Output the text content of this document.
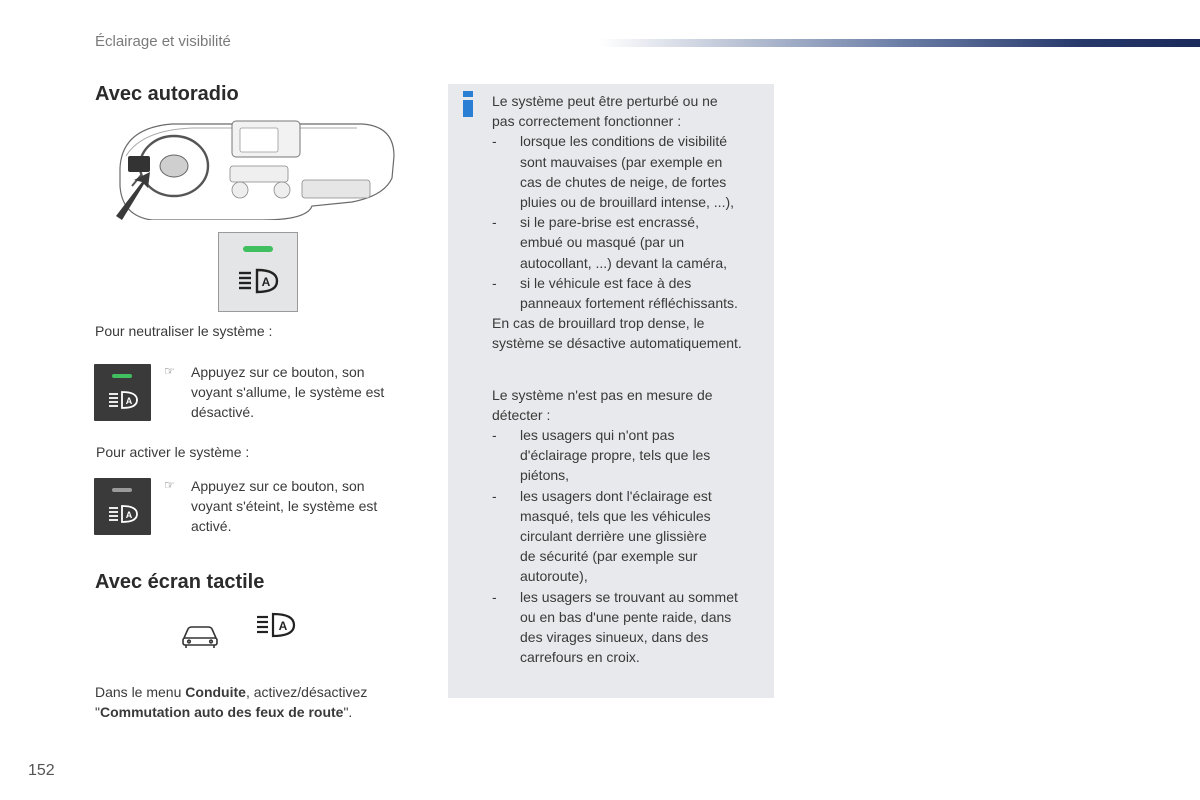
Éclairage et visibilité
Avec autoradio
A
Pour neutraliser le système :
A
☞ Appuyez sur ce bouton, son
voyant s'allume, le système est
désactivé.
Pour activer le système :
A
☞ Appuyez sur ce bouton, son
voyant s'éteint, le système est
activé.
Avec écran tactile
A
Dans le menu Conduite, activez/désactivez
"Commutation auto des feux de route".
Le système peut être perturbé ou ne
pas correctement fonctionner :
- lorsque les conditions de visibilité
sont mauvaises (par exemple en
cas de chutes de neige, de fortes
pluies ou de brouillard intense, ...),
- si le pare-brise est encrassé,
embué ou masqué (par un
autocollant, ...) devant la caméra,
- si le véhicule est face à des
panneaux fortement réfléchissants.
En cas de brouillard trop dense, le
système se désactive automatiquement.
Le système n'est pas en mesure de
détecter :
- les usagers qui n'ont pas
d'éclairage propre, tels que les
piétons,
- les usagers dont l'éclairage est
masqué, tels que les véhicules
circulant derrière une glissière
de sécurité (par exemple sur
autoroute),
- les usagers se trouvant au sommet
ou en bas d'une pente raide, dans
des virages sinueux, dans des
carrefours en croix.
152
